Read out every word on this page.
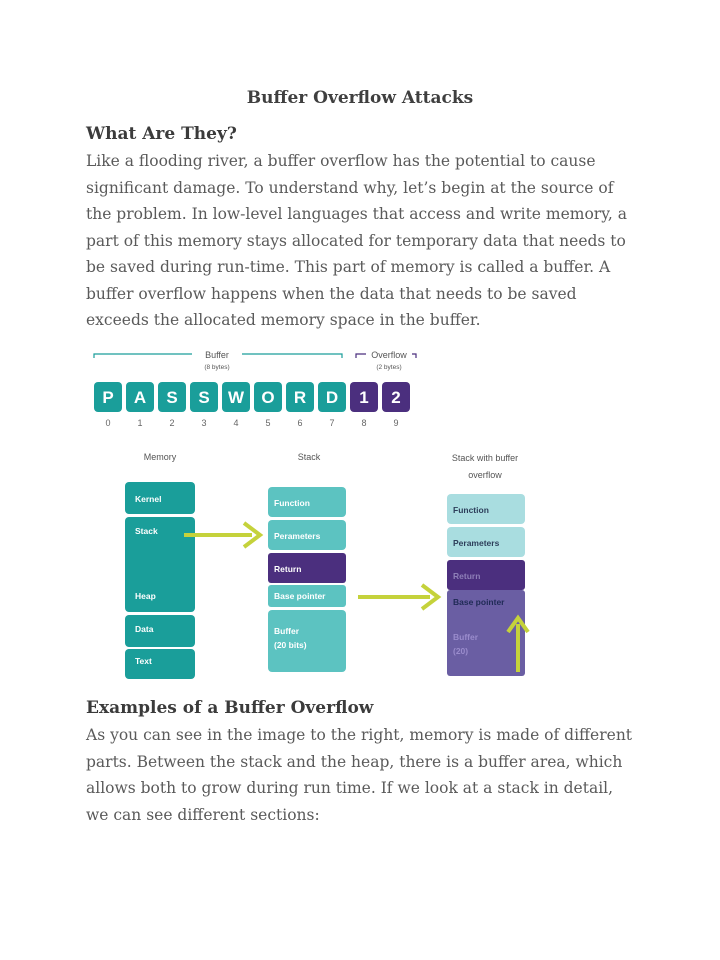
Buffer Overflow Attacks
What Are They?
Like a flooding river, a buffer overflow has the potential to cause
significant damage. To understand why, let’s begin at the source of
the problem. In low-level languages that access and write memory, a
part of this memory stays allocated for temporary data that needs to
be saved during run-time. This part of memory is called a buffer. A
buffer overflow happens when the data that needs to be saved
exceeds the allocated memory space in the buffer.
Buffer
(8 bytes)
Overflow
(2 bytes)
P
0
A
1
S
2
S
3
W
4
O
5
R
6
D
7
1
8
2
9
Memory	Stack	Stack with buffer
overflow
Kernel
Stack
Heap
Data
Text
Function
Perameters
Return
Base pointer
Buffer
(20 bits)
Function
Perameters
Return
Base pointer
Buffer
(20)
Examples of a Buffer Overflow
As you can see in the image to the right, memory is made of different
parts. Between the stack and the heap, there is a buffer area, which
allows both to grow during run time. If we look at a stack in detail,
we can see different sections:
